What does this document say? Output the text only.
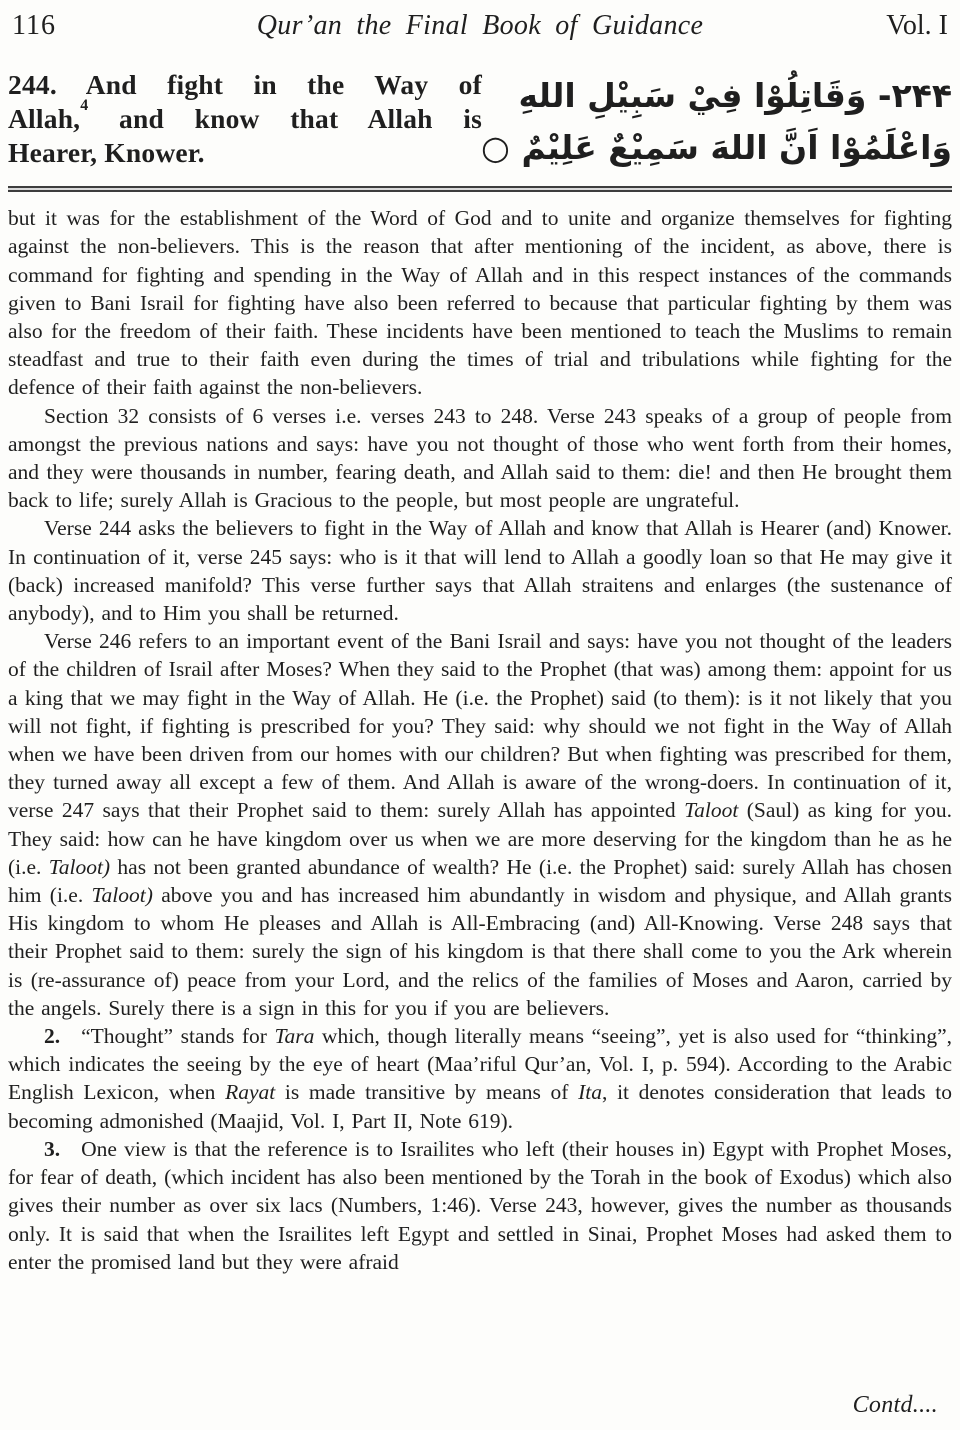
116	Qur’an the Final Book of Guidance	Vol. I
244. And fight in the Way of
Allah,$^4$ and know that Allah is
Hearer, Knower.
۲۴۴- وَقَاتِلُوْا فِيْ سَبِيْلِ اللهِ
وَاعْلَمُوْا اَنَّ اللهَ سَمِيْعٌ عَلِيْمٌ ○

but it was for the establishment of the Word of God and to unite and organize themselves for fighting against the non-believers. This is the reason that after mentioning of the incident, as above, there is command for fighting and spending in the Way of Allah and in this respect instances of the commands given to Bani Israil for fighting have also been referred to because that particular fighting by them was also for the freedom of their faith. These incidents have been mentioned to teach the Muslims to remain steadfast and true to their faith even during the times of trial and tribulations while fighting for the defence of their faith against the non-believers.

Section 32 consists of 6 verses i.e. verses 243 to 248. Verse 243 speaks of a group of people from amongst the previous nations and says: have you not thought of those who went forth from their homes, and they were thousands in number, fearing death, and Allah said to them: die! and then He brought them back to life; surely Allah is Gracious to the people, but most people are ungrateful.

Verse 244 asks the believers to fight in the Way of Allah and know that Allah is Hearer (and) Knower. In continuation of it, verse 245 says: who is it that will lend to Allah a goodly loan so that He may give it (back) increased manifold? This verse further says that Allah straitens and enlarges (the sustenance of anybody), and to Him you shall be returned.

Verse 246 refers to an important event of the Bani Israil and says: have you not thought of the leaders of the children of Israil after Moses? When they said to the Prophet (that was) among them: appoint for us a king that we may fight in the Way of Allah. He (i.e. the Prophet) said (to them): is it not likely that you will not fight, if fighting is prescribed for you? They said: why should we not fight in the Way of Allah when we have been driven from our homes with our children? But when fighting was prescribed for them, they turned away all except a few of them. And Allah is aware of the wrong-doers. In continuation of it, verse 247 says that their Prophet said to them: surely Allah has appointed Taloot (Saul) as king for you. They said: how can he have kingdom over us when we are more deserving for the kingdom than he as he (i.e. Taloot) has not been granted abundance of wealth? He (i.e. the Prophet) said: surely Allah has chosen him (i.e. Taloot) above you and has increased him abundantly in wisdom and physique, and Allah grants His kingdom to whom He pleases and Allah is All-Embracing (and) All-Knowing. Verse 248 says that their Prophet said to them: surely the sign of his kingdom is that there shall come to you the Ark wherein is (re-assurance of) peace from your Lord, and the relics of the families of Moses and Aaron, carried by the angels. Surely there is a sign in this for you if you are believers.

2. “Thought” stands for Tara which, though literally means “seeing”, yet is also used for “thinking”, which indicates the seeing by the eye of heart (Maa’riful Qur’an, Vol. I, p. 594). According to the Arabic English Lexicon, when Rayat is made transitive by means of Ita, it denotes consideration that leads to becoming admonished (Maajid, Vol. I, Part II, Note 619).

3. One view is that the reference is to Israilites who left (their houses in) Egypt with Prophet Moses, for fear of death, (which incident has also been mentioned by the Torah in the book of Exodus) which also gives their number as over six lacs (Numbers, 1:46). Verse 243, however, gives the number as thousands only. It is said that when the Israilites left Egypt and settled in Sinai, Prophet Moses had asked them to enter the promised land but they were afraid

Contd....
